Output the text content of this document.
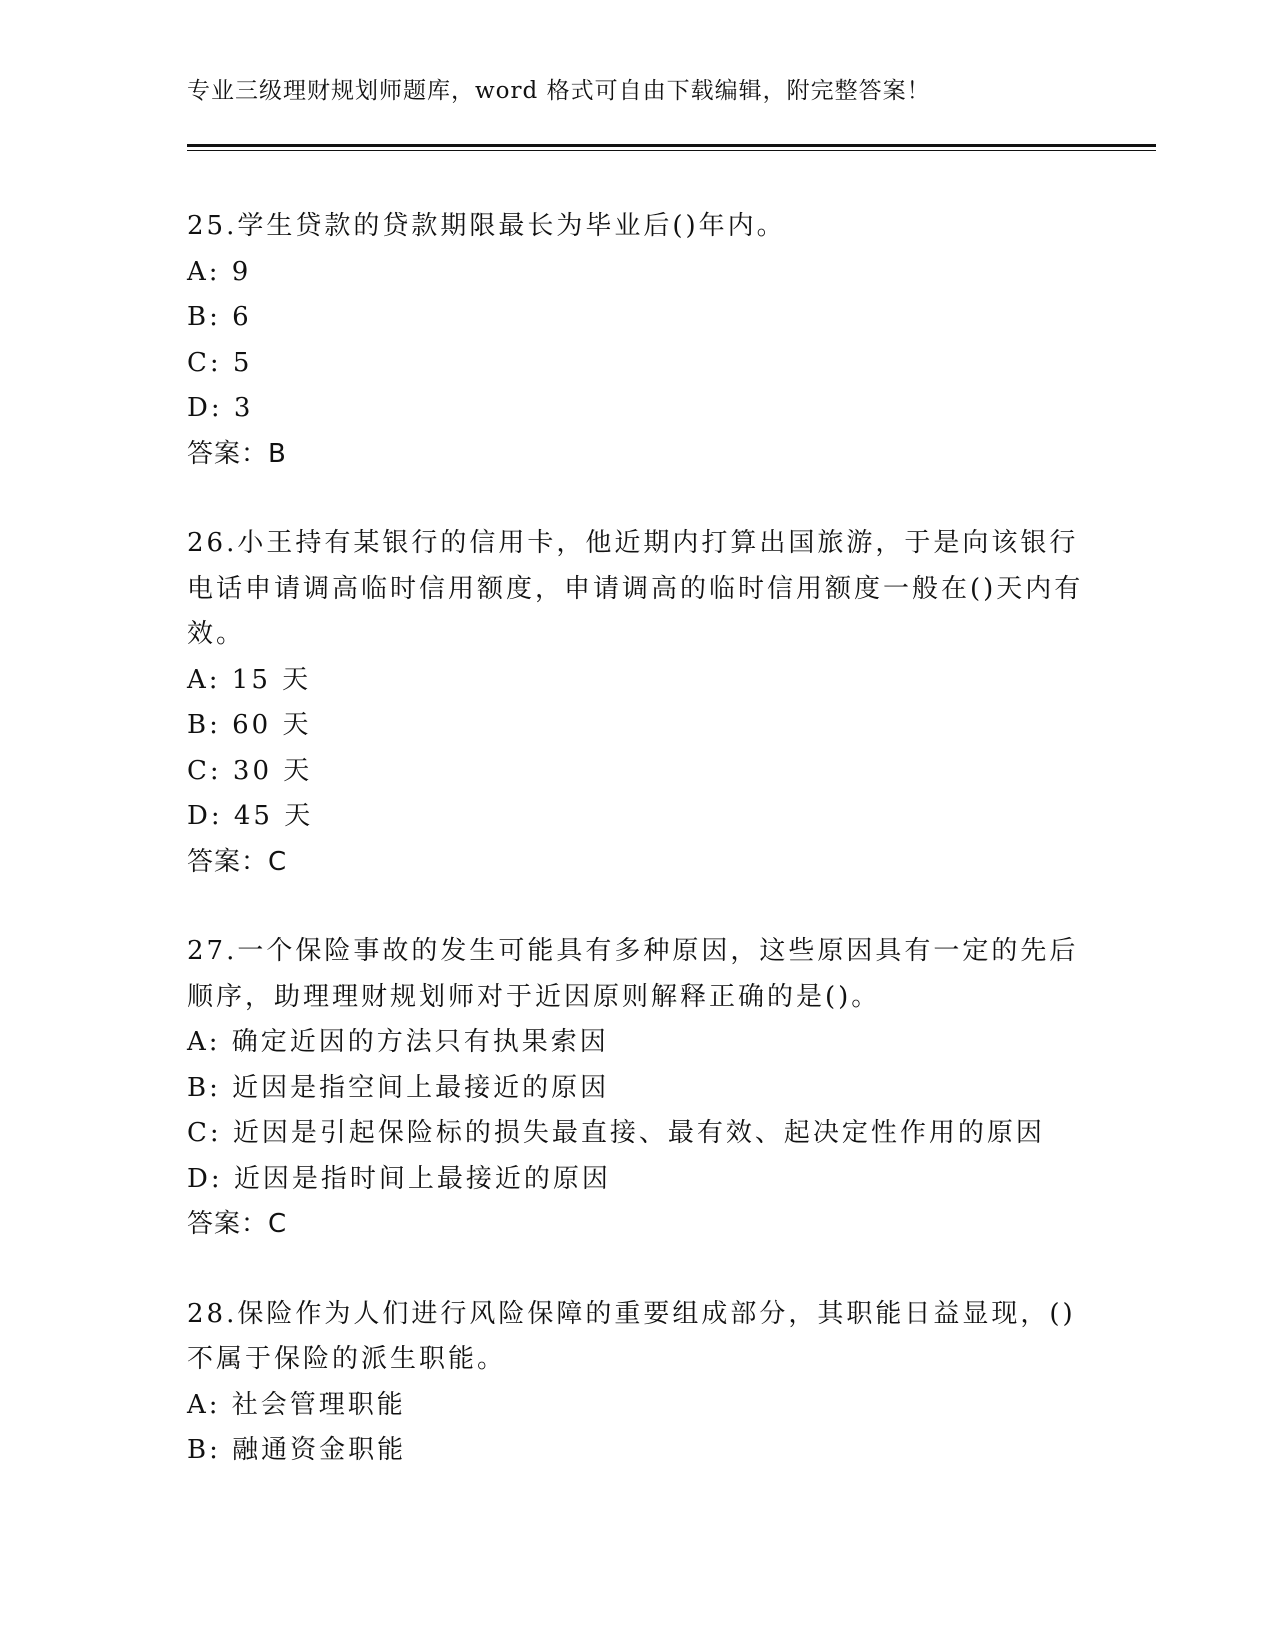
专业三级理财规划师题库，word 格式可自由下载编辑，附完整答案！
25.学生贷款的贷款期限最长为毕业后()年内。
A: 9
B: 6
C: 5
D: 3
答案：B
26.小王持有某银行的信用卡，他近期内打算出国旅游，于是向该银行电话申请调高临时信用额度，申请调高的临时信用额度一般在()天内有效。
A: 15 天
B: 60 天
C: 30 天
D: 45 天
答案：C
27.一个保险事故的发生可能具有多种原因，这些原因具有一定的先后顺序，助理理财规划师对于近因原则解释正确的是()。
A: 确定近因的方法只有执果索因
B: 近因是指空间上最接近的原因
C: 近因是引起保险标的损失最直接、最有效、起决定性作用的原因
D: 近因是指时间上最接近的原因
答案：C
28.保险作为人们进行风险保障的重要组成部分，其职能日益显现，()不属于保险的派生职能。
A: 社会管理职能
B: 融通资金职能
